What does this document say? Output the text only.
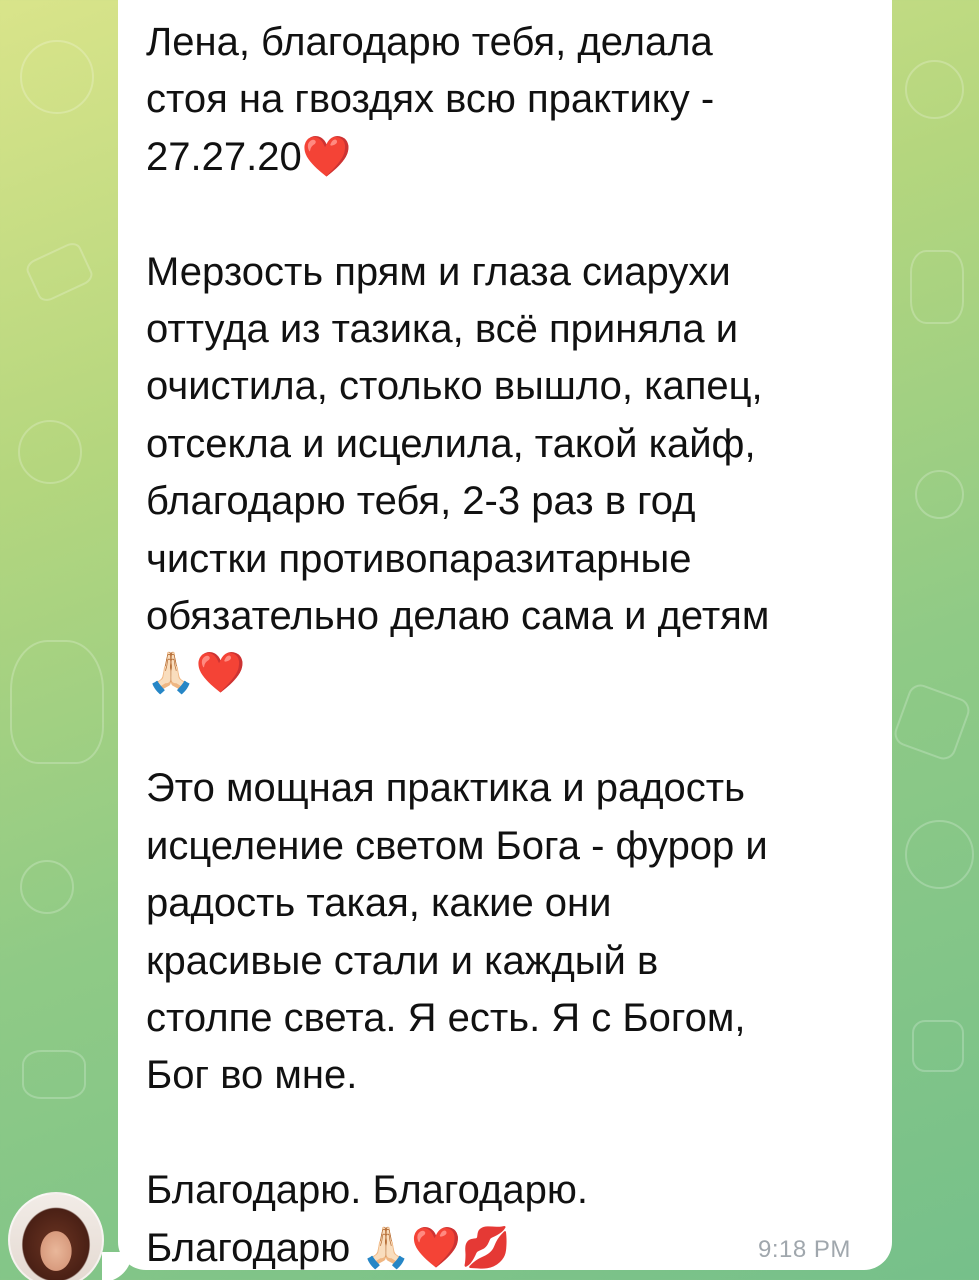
Лена, благодарю тебя, делала
стоя на гвоздях всю практику -
27.27.20❤️

Мерзость прям и глаза сиарухи
оттуда из тазика, всё приняла и
очистила, столько вышло, капец,
отсекла и исцелила, такой кайф,
благодарю тебя, 2-3 раз в год
чистки противопаразитарные
обязательно делаю сама и детям
🙏🏻❤️

Это мощная практика и радость
исцеление светом Бога - фурор и
радость такая, какие они
красивые стали и каждый в
столпе света. Я есть. Я с Богом,
Бог во мне.

Благодарю. Благодарю.
Благодарю 🙏🏻❤️💋	9:18 PM
